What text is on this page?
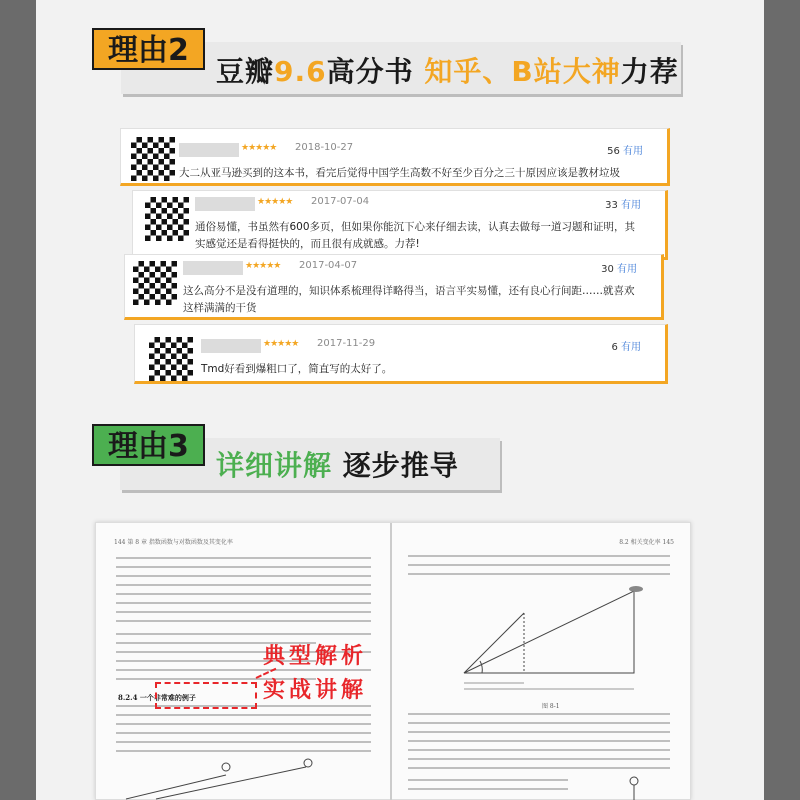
理由2
豆瓣9.6高分书 知乎、B站大神力荐
★★★★★ 2018-10-27	56 有用
大二从亚马逊买到的这本书，看完后觉得中国学生高数不好至少百分之三十原因应该是教材垃圾
★★★★★ 2017-07-04	33 有用
通俗易懂，书虽然有600多页，但如果你能沉下心来仔细去读，认真去做每一道习题和证明，其实感觉还是看得挺快的，而且很有成就感。力荐!
★★★★★ 2017-04-07	30 有用
这么高分不是没有道理的，知识体系梳理得详略得当，语言平实易懂，还有良心行间距……就喜欢这样满满的干货
★★★★★ 2017-11-29	6 有用
Tmd好看到爆粗口了，简直写的太好了。
理由3
详细讲解 逐步推导
144 第 8 章 指数函数与对数函数及其变化率
8.2.4 一个非常难的例子
8.2 相关变化率 145
图 8-1
典型解析
实战讲解
